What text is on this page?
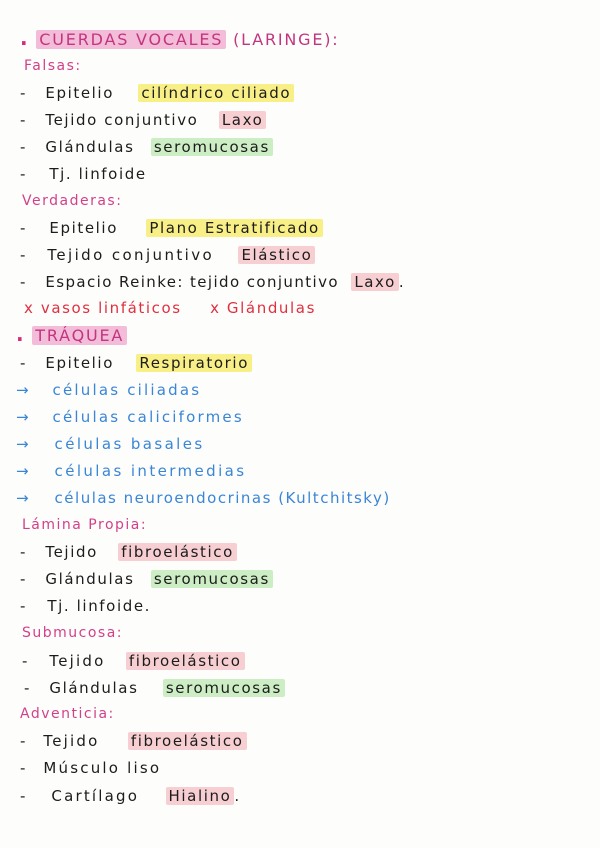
. CUERDAS VOCALES (LARINGE):
Falsas:
- Epitelio cilíndrico ciliado
- Tejido conjuntivo Laxo
- Glándulas seromucosas
- Tj. linfoide
Verdaderas:
- Epitelio Plano Estratificado
- Tejido conjuntivo Elástico
- Espacio Reinke: tejido conjuntivo Laxo .
x vasos linfáticos x Glándulas
. TRÁQUEA
- Epitelio Respiratorio
→ células ciliadas
→ células caliciformes
→ células basales
→ células intermedias
→ células neuroendocrinas (Kultchitsky)
Lámina Propia:
- Tejido fibroelástico
- Glándulas seromucosas
- Tj. linfoide.
Submucosa:
- Tejido fibroelástico
- Glándulas seromucosas
Adventicia:
- Tejido fibroelástico
- Músculo liso
- Cartílago Hialino .
